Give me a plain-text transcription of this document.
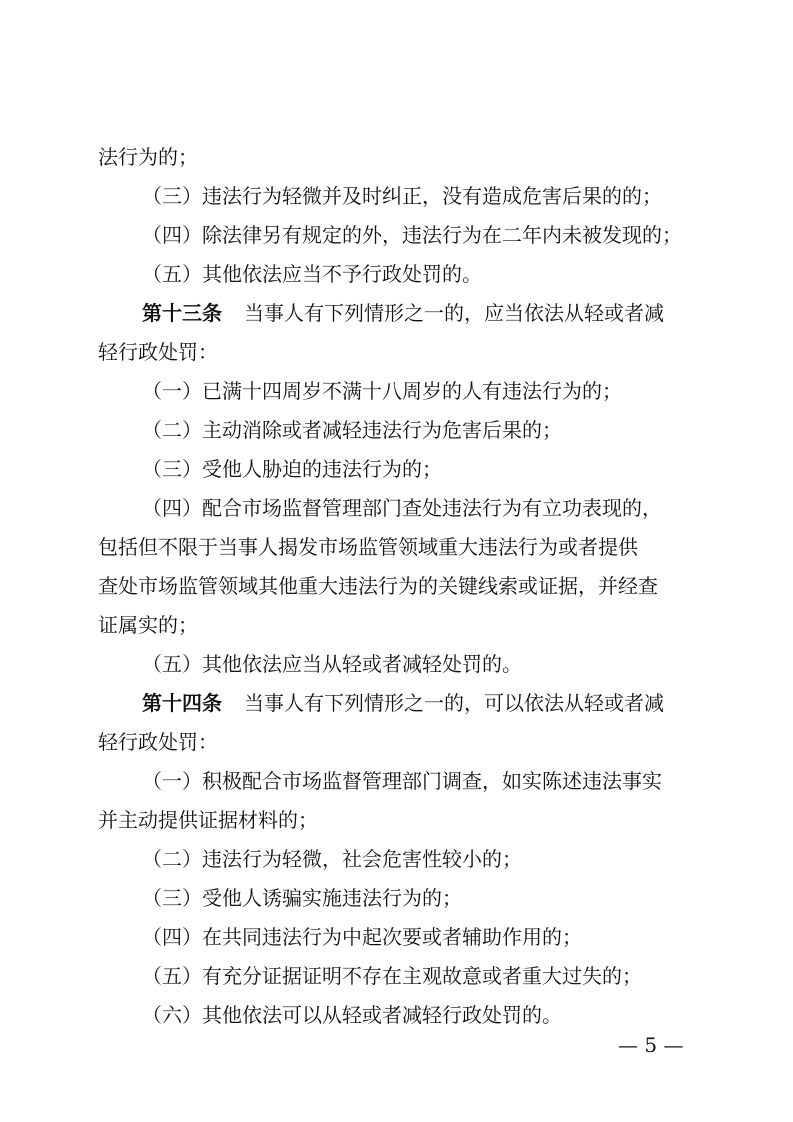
法行为的；
（三）违法行为轻微并及时纠正，没有造成危害后果的的；
（四）除法律另有规定的外，违法行为在二年内未被发现的；
（五）其他依法应当不予行政处罚的。
第十三条 当事人有下列情形之一的，应当依法从轻或者减
轻行政处罚：
（一）已满十四周岁不满十八周岁的人有违法行为的；
（二）主动消除或者减轻违法行为危害后果的；
（三）受他人胁迫的违法行为的；
（四）配合市场监督管理部门查处违法行为有立功表现的，
包括但不限于当事人揭发市场监管领域重大违法行为或者提供
查处市场监管领域其他重大违法行为的关键线索或证据，并经查
证属实的；
（五）其他依法应当从轻或者减轻处罚的。
第十四条 当事人有下列情形之一的，可以依法从轻或者减
轻行政处罚：
（一）积极配合市场监督管理部门调查，如实陈述违法事实
并主动提供证据材料的；
（二）违法行为轻微，社会危害性较小的；
（三）受他人诱骗实施违法行为的；
（四）在共同违法行为中起次要或者辅助作用的；
（五）有充分证据证明不存在主观故意或者重大过失的；
（六）其他依法可以从轻或者减轻行政处罚的。
— 5 —
